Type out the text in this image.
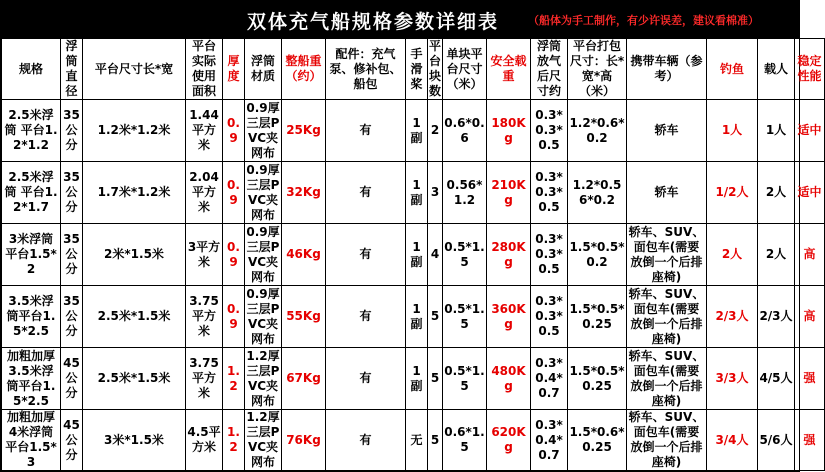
双体充气船规格参数详细表	（船体为手工制作，有少许误差，建议看棉准）
规格	浮筒直径	平台尺寸长*宽	平台实际使用面积	厚度	浮筒材质	整船重（约）	配件：充气泵、修补包、船包	手滑桨	平台块数	单块平台尺寸（米）	安全载重	浮筒放气后尺寸约	平台打包尺寸：长*宽*高（米）	携带车辆（参考）	钓鱼	载人	稳定性能
2.5米浮筒 平台1.2*1.2	35公分	1.2米*1.2米	1.44平方米	0.9	0.9厚三层PVC夹网布	25Kg	有	1副	2	0.6*0.6	180Kg	0.3*0.3*0.5	1.2*0.6*0.2	轿车	1人	1人	适中
2.5米浮筒 平台1.2*1.7	35公分	1.7米*1.2米	2.04平方米	0.9	0.9厚三层PVC夹网布	32Kg	有	1副	3	0.56*1.2	210Kg	0.3*0.3*0.5	1.2*0.56*0.2	轿车	1/2人	2人	适中
3米浮筒平台1.5*2	35公分	2米*1.5米	3平方米	0.9	0.9厚三层PVC夹网布	46Kg	有	1副	4	0.5*1.5	280Kg	0.3*0.3*0.5	1.5*0.5*0.2	轿车、SUV、面包车(需要放倒一个后排座椅)	2人	2人	高
3.5米浮筒平台1.5*2.5	35公分	2.5米*1.5米	3.75平方米	0.9	0.9厚三层PVC夹网布	55Kg	有	1副	5	0.5*1.5	360Kg	0.3*0.3*0.5	1.5*0.5*0.25	轿车、SUV、面包车(需要放倒一个后排座椅)	2/3人	2/3人	高
加粗加厚3.5米浮筒平台1.5*2.5	45公分	2.5米*1.5米	3.75平方米	1.2	1.2厚三层PVC夹网布	67Kg	有	1副	5	0.5*1.5	480Kg	0.3*0.4*0.7	1.5*0.5*0.25	轿车、SUV、面包车(需要放倒一个后排座椅)	3/3人	4/5人	强
加粗加厚4米浮筒平台1.5*3	45公分	3米*1.5米	4.5平方米	1.2	1.2厚三层PVC夹网布	76Kg	有	无	5	0.6*1.5	620Kg	0.3*0.4*0.7	1.5*0.6*0.25	轿车、SUV、面包车(需要放倒一个后排座椅)	3/4人	5/6人	强
